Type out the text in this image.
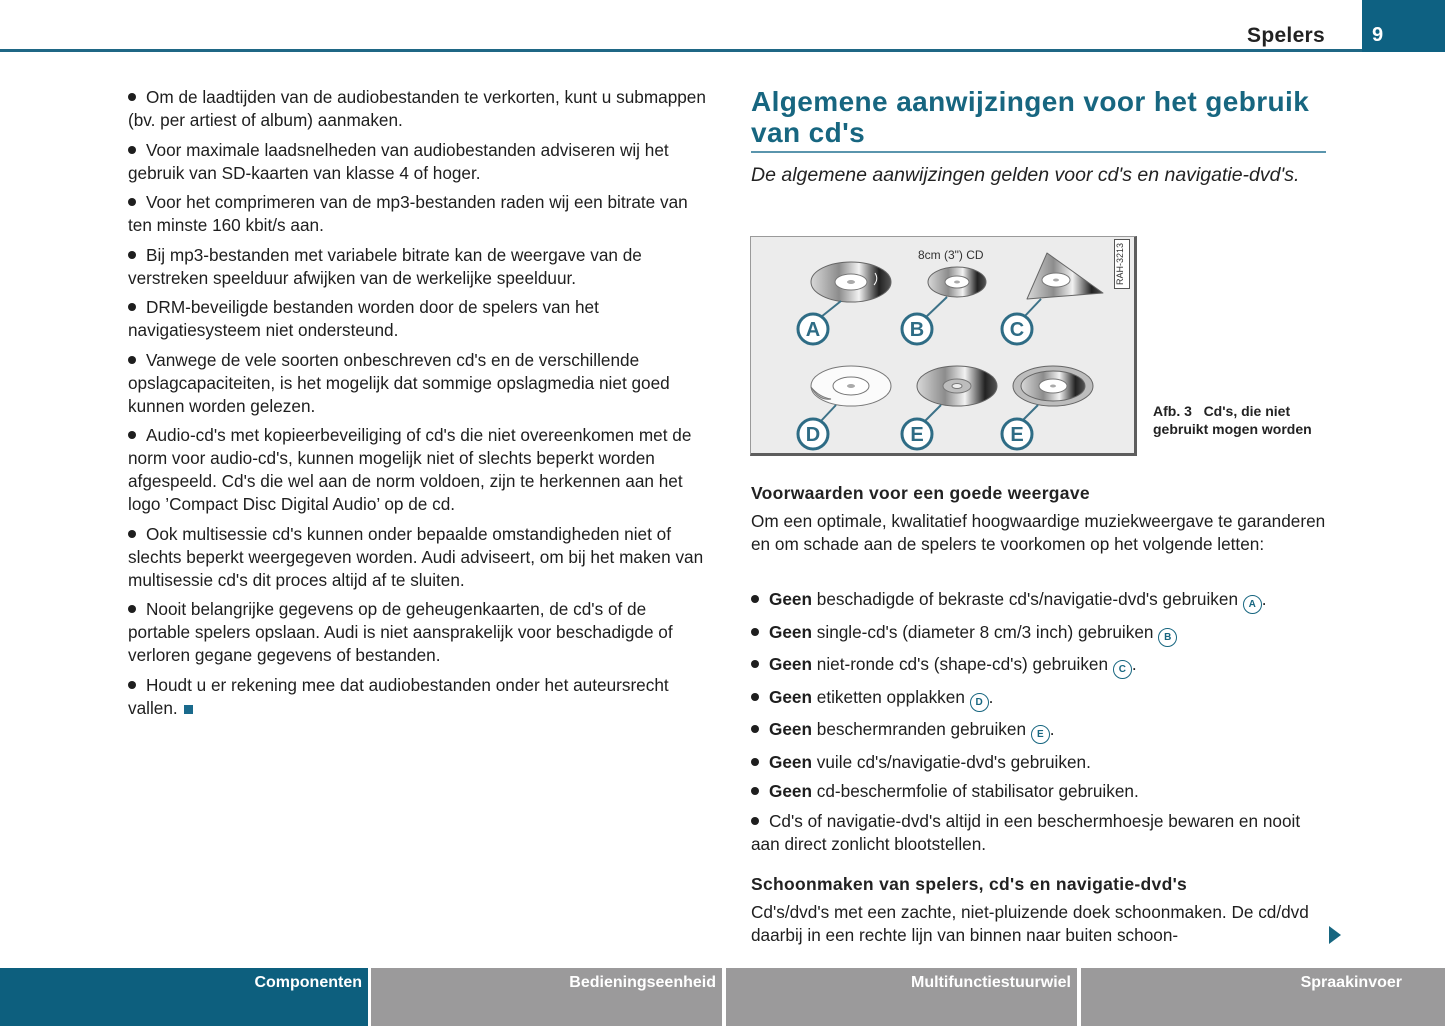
Spelers 9

Om de laadtijden van de audiobestanden te verkorten, kunt u submappen (bv. per artiest of album) aanmaken.

Voor maximale laadsnelheden van audiobestanden adviseren wij het gebruik van SD-kaarten van klasse 4 of hoger.

Voor het comprimeren van de mp3-bestanden raden wij een bitrate van ten minste 160 kbit/s aan.

Bij mp3-bestanden met variabele bitrate kan de weergave van de verstreken speelduur afwijken van de werkelijke speelduur.

DRM-beveiligde bestanden worden door de spelers van het navigatiesysteem niet ondersteund.

Vanwege de vele soorten onbeschreven cd's en de verschillende opslagcapaciteiten, is het mogelijk dat sommige opslagmedia niet goed kunnen worden gelezen.

Audio-cd's met kopieerbeveiliging of cd's die niet overeenkomen met de norm voor audio-cd's, kunnen mogelijk niet of slechts beperkt worden afgespeeld. Cd's die wel aan de norm voldoen, zijn te herkennen aan het logo ’Compact Disc Digital Audio’ op de cd.

Ook multisessie cd's kunnen onder bepaalde omstandigheden niet of slechts beperkt weergegeven worden. Audi adviseert, om bij het maken van multisessie cd's dit proces altijd af te sluiten.

Nooit belangrijke gegevens op de geheugenkaarten, de cd's of de portable spelers opslaan. Audi is niet aansprakelijk voor beschadigde of verloren gegane gegevens of bestanden.

Houdt u er rekening mee dat audiobestanden onder het auteursrecht vallen.

Algemene aanwijzingen voor het gebruik van cd's
De algemene aanwijzingen gelden voor cd's en navigatie-dvd's.
8cm (3") CD	RAH-3213
A	B	C
D	E	E
Afb. 3 Cd's, die niet gebruikt mogen worden
Voorwaarden voor een goede weergave
Om een optimale, kwalitatief hoogwaardige muziekweergave te garanderen en om schade aan de spelers te voorkomen op het volgende letten:

Geen beschadigde of bekraste cd's/navigatie-dvd's gebruiken A .

Geen single-cd's (diameter 8 cm/3 inch) gebruiken B

Geen niet-ronde cd's (shape-cd's) gebruiken C .

Geen etiketten opplakken D .

Geen beschermranden gebruiken E .

Geen vuile cd's/navigatie-dvd's gebruiken.

Geen cd-beschermfolie of stabilisator gebruiken.

Cd's of navigatie-dvd's altijd in een beschermhoesje bewaren en nooit aan direct zonlicht blootstellen.

Schoonmaken van spelers, cd's en navigatie-dvd's
Cd's/dvd's met een zachte, niet-pluizende doek schoonmaken. De cd/dvd daarbij in een rechte lijn van binnen naar buiten schoon-
Componenten	Bedieningseenheid	Multifunctiestuurwiel	Spraakinvoer
